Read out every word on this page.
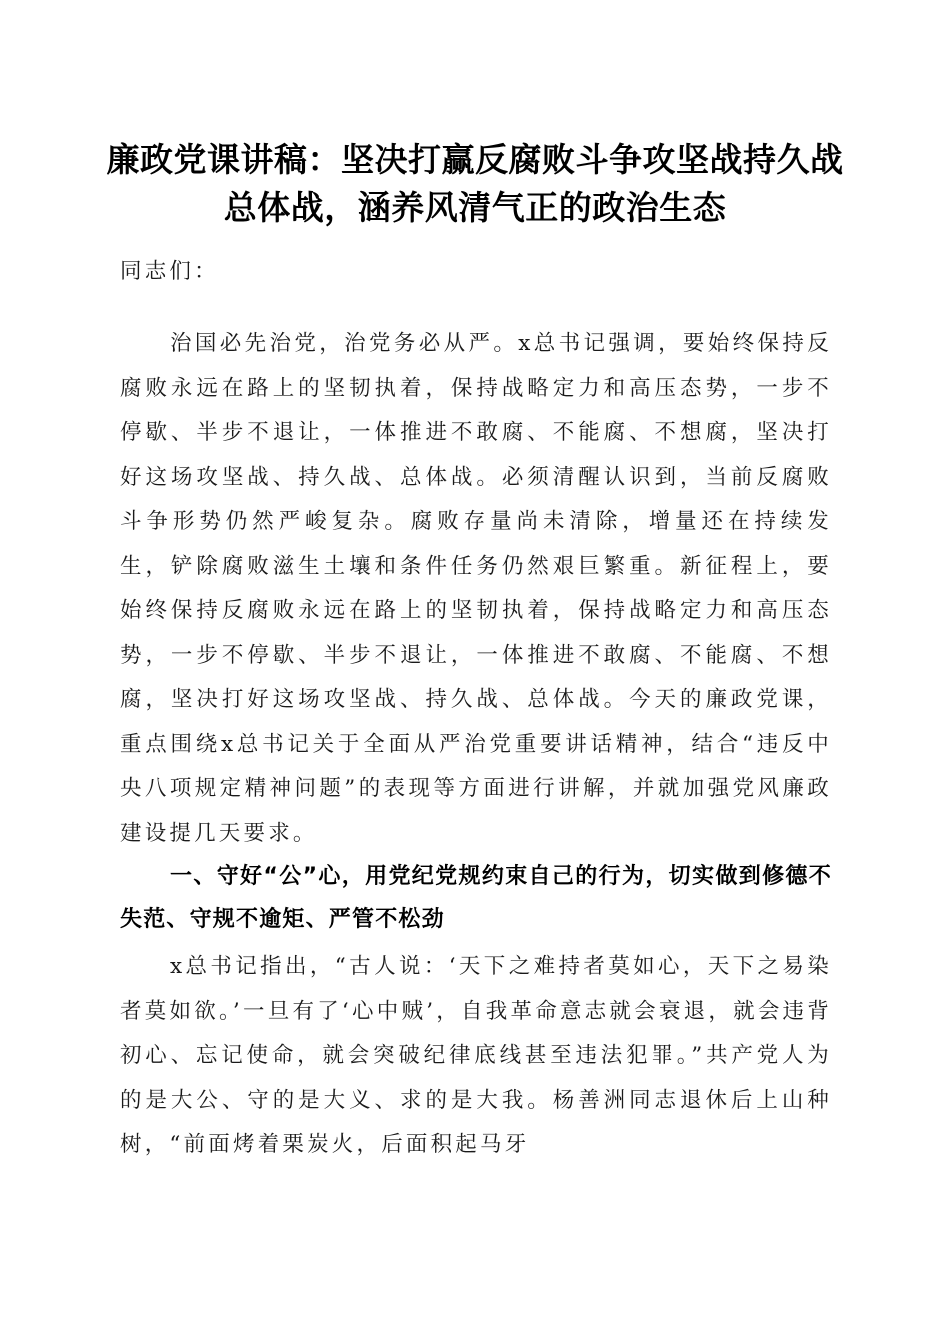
廉政党课讲稿：坚决打赢反腐败斗争攻坚战持久战总体战，涵养风清气正的政治生态

同志们：

治国必先治党，治党务必从严。x总书记强调，要始终保持反腐败永远在路上的坚韧执着，保持战略定力和高压态势，一步不停歇、半步不退让，一体推进不敢腐、不能腐、不想腐，坚决打好这场攻坚战、持久战、总体战。必须清醒认识到，当前反腐败斗争形势仍然严峻复杂。腐败存量尚未清除，增量还在持续发生，铲除腐败滋生土壤和条件任务仍然艰巨繁重。新征程上，要始终保持反腐败永远在路上的坚韧执着，保持战略定力和高压态势，一步不停歇、半步不退让，一体推进不敢腐、不能腐、不想腐，坚决打好这场攻坚战、持久战、总体战。今天的廉政党课，重点围绕x总书记关于全面从严治党重要讲话精神，结合“违反中央八项规定精神问题”的表现等方面进行讲解，并就加强党风廉政建设提几天要求。

一、守好“公”心，用党纪党规约束自己的行为，切实做到修德不失范、守规不逾矩、严管不松劲

x总书记指出，“古人说：‘天下之难持者莫如心，天下之易染者莫如欲。’一旦有了‘心中贼’，自我革命意志就会衰退，就会违背初心、忘记使命，就会突破纪律底线甚至违法犯罪。”共产党人为的是大公、守的是大义、求的是大我。杨善洲同志退休后上山种树，“前面烤着栗炭火，后面积起马牙
